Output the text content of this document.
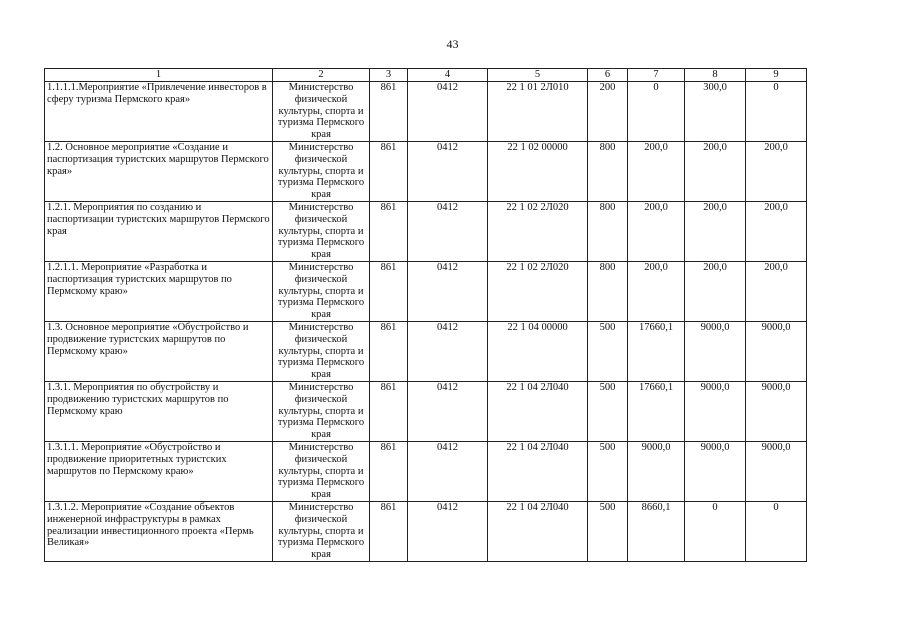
43
1	2	3	4	5	6	7	8	9
1.1.1.1.Мероприятие «Привлечение инвесторов в сферу туризма Пермского края»	Министерство физической культуры, спорта и туризма Пермского края	861	0412	22 1 01 2Л010	200	0	300,0	0
1.2. Основное мероприятие «Создание и паспортизация туристских маршрутов Пермского края»	Министерство физической культуры, спорта и туризма Пермского края	861	0412	22 1 02 00000	800	200,0	200,0	200,0
1.2.1. Мероприятия по созданию и паспортизации туристских маршрутов Пермского края	Министерство физической культуры, спорта и туризма Пермского края	861	0412	22 1 02 2Л020	800	200,0	200,0	200,0
1.2.1.1. Мероприятие «Разработка и паспортизация туристских маршрутов по Пермскому краю»	Министерство физической культуры, спорта и туризма Пермского края	861	0412	22 1 02 2Л020	800	200,0	200,0	200,0
1.3. Основное мероприятие «Обустройство и продвижение туристских маршрутов по Пермскому краю»	Министерство физической культуры, спорта и туризма Пермского края	861	0412	22 1 04 00000	500	17660,1	9000,0	9000,0
1.3.1. Мероприятия по обустройству и продвижению туристских маршрутов по Пермскому краю	Министерство физической культуры, спорта и туризма Пермского края	861	0412	22 1 04 2Л040	500	17660,1	9000,0	9000,0
1.3.1.1. Мероприятие «Обустройство и продвижение приоритетных туристских маршрутов по Пермскому краю»	Министерство физической культуры, спорта и туризма Пермского края	861	0412	22 1 04 2Л040	500	9000,0	9000,0	9000,0
1.3.1.2. Мероприятие «Создание объектов инженерной инфраструктуры в рамках реализации инвестиционного проекта «Пермь Великая»	Министерство физической культуры, спорта и туризма Пермского края	861	0412	22 1 04 2Л040	500	8660,1	0	0
